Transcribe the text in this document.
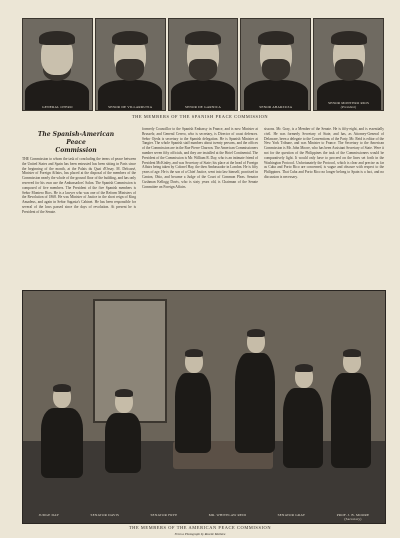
GENERAL OTERO	SENOR DE VILLARRUTIA	SENOR DE GARNICA	SENOR ABARZUZA
SENOR MONTERO RIOS
(President)
THE MEMBERS OF THE SPANISH PEACE COMMISSION
The Spanish-American Peace
Commission
THE Commission to whom the task of concluding the terms of peace between the United States and Spain has been entrusted has been sitting in Paris since the beginning of the month, at the Palais du Quai d'Orsay. M. Delcassé, Minister of Foreign Affairs, has placed at the disposal of the members of the Commission nearly the whole of the ground floor of the building, and has only reserved for his own use the Ambassadors' Salon. The Spanish Commission is composed of five members. The President of the five Spanish members is Señor Montero Rios. He is a lawyer who was one of the Reform Ministers of the Revolution of 1868. He was Minister of Justice in the short reign of King Amadeus, and again in Señor Sagasta's Cabinet. He has been responsible for several of the laws passed since the days of revolution. At present he is President of the Senate.
formerly Councillor to the Spanish Embassy in France, and is now Minister at Brussels; and General Cerero, who is secretary, is Director of coast defences. Señor Ojeda is secretary to the Spanish delegation. He is Spanish Minister at Tangier. The whole Spanish staff numbers about twenty persons, and the offices of the Commission are in the Rue Pierre Charron. The American Commissioners number seven fifty officials, and they are installed at the Hotel Continental. The President of the Commission is Mr. William R. Day, who is an intimate friend of President McKinley, and was Secretary of State; his place at the head of Foreign Affairs being taken by Colonel Hay, the then Ambassador in London. He is fifty years of age. He is the son of a Chief Justice, went into law himself, practised in Canton, Ohio, and became a Judge of the Court of Common Pleas. Senator Cushman Kellogg Davis, who is sixty years old, is Chairman of the Senate Committee on Foreign Affairs.
sissons. Mr. Gray, is a Member of the Senate. He is fifty-eight, and is essentially civil. He was formerly Secretary of State, and has, as Attorney-General of Delaware, been a delegate to the Conventions of the Party. Mr. Reid is editor of the New York Tribune, and was Minister to France. The Secretary to the American Commission is Mr. John Moore, who has been Assistant Secretary of State. Were it not for the question of the Philippines the task of the Commissioners would be comparatively light. It would only have to proceed on the lines set forth in the Washington Protocol. Unfortunately the Protocol, which is clear and precise as far as Cuba and Porto Rico are concerned, is vague and obscure with respect to the Philippines. That Cuba and Porto Rico no longer belong to Spain is a fact, and no discussion is necessary.
JUDGE DAY	SENATOR DAVIS	SENATOR FRYE	MR. WHITELAW REID	SENATOR GRAY	PROF. J. B. MOORE
(Secretary)
THE MEMBERS OF THE AMERICAN PEACE COMMISSION
From a Photograph by Rosette Mathieu
